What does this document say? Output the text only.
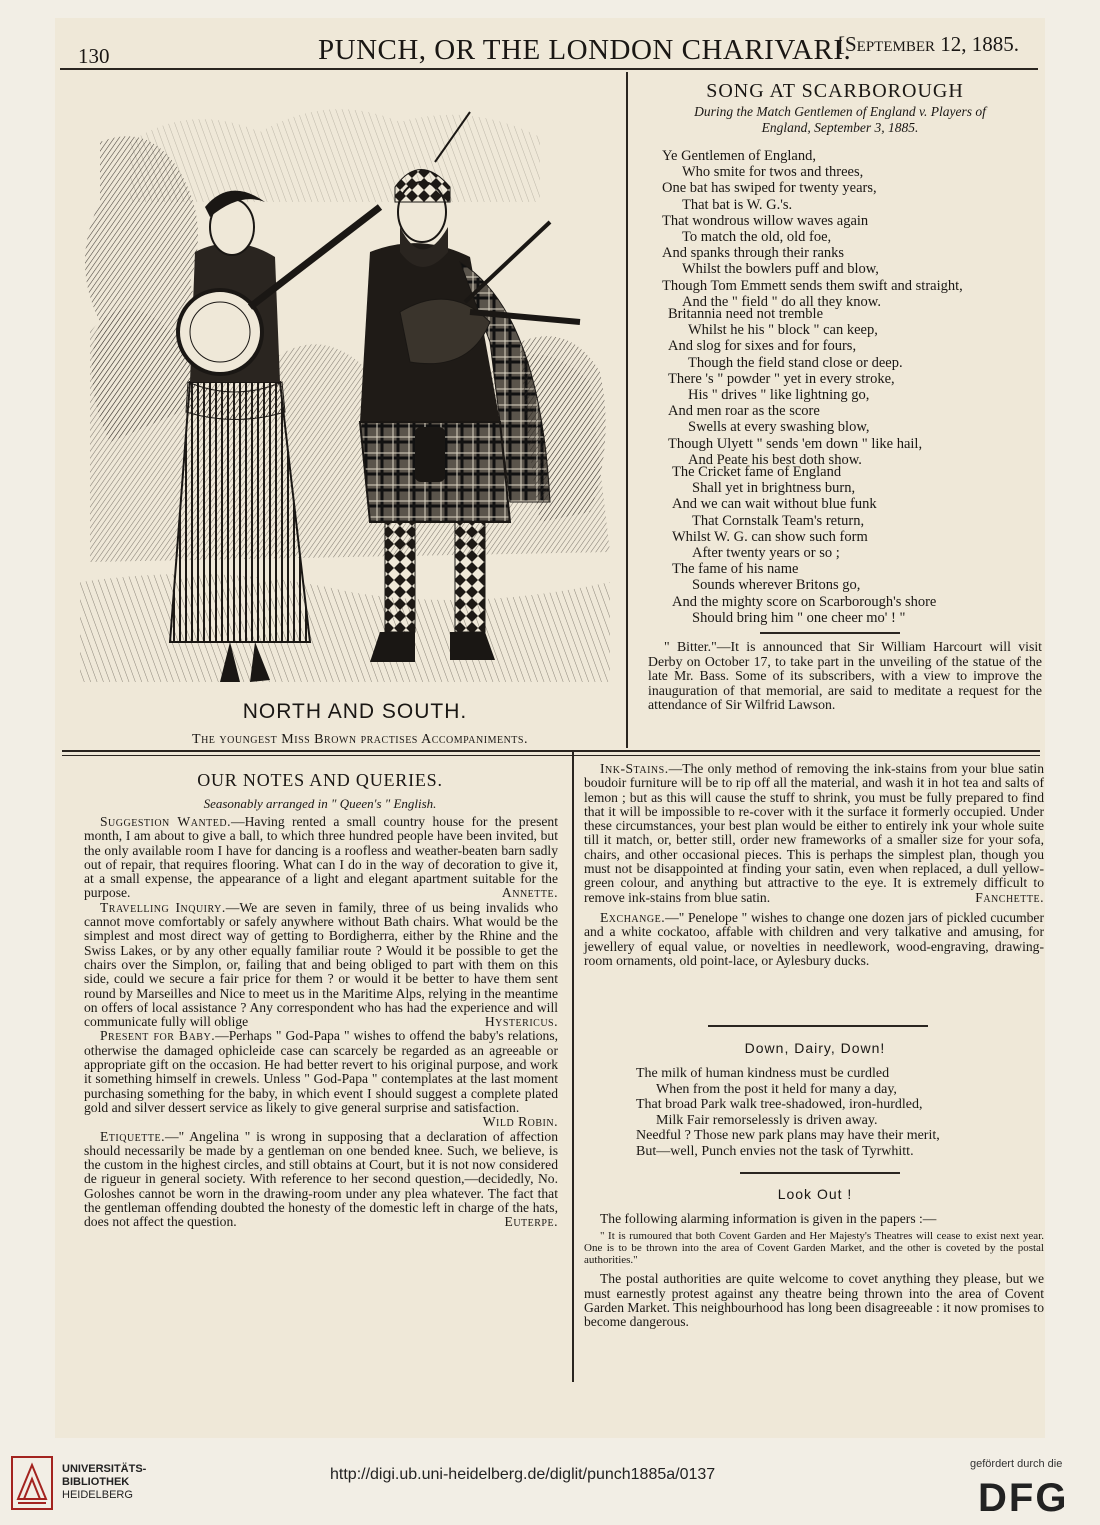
130	PUNCH, OR THE LONDON CHARIVARI.
[September 12, 1885.
NORTH AND SOUTH.
The youngest Miss Brown practises Accompaniments.
SONG AT SCARBOROUGH
During the Match Gentlemen of England v. Players of
England, September 3, 1885.
Ye Gentlemen of England,
Who smite for twos and threes,
One bat has swiped for twenty years,
That bat is W. G.'s.
That wondrous willow waves again
To match the old, old foe,
And spanks through their ranks
Whilst the bowlers puff and blow,
Though Tom Emmett sends them swift and straight,
And the " field " do all they know.
Britannia need not tremble
Whilst he his " block " can keep,
And slog for sixes and for fours,
Though the field stand close or deep.
There 's " powder " yet in every stroke,
His " drives " like lightning go,
And men roar as the score
Swells at every swashing blow,
Though Ulyett " sends 'em down " like hail,
And Peate his best doth show.
The Cricket fame of England
Shall yet in brightness burn,
And we can wait without blue funk
That Cornstalk Team's return,
Whilst W. G. can show such form
After twenty years or so ;
The fame of his name
Sounds wherever Britons go,
And the mighty score on Scarborough's shore
Should bring him " one cheer mo' ! "
" Bitter."—It is announced that Sir William Harcourt will visit Derby on October 17, to take part in the unveiling of the statue of the late Mr. Bass. Some of its subscribers, with a view to improve the inauguration of that memorial, are said to meditate a request for the attendance of Sir Wilfrid Lawson.
OUR NOTES AND QUERIES.
Seasonably arranged in " Queen's " English.

Suggestion Wanted.—Having rented a small country house for the present month, I am about to give a ball, to which three hundred people have been invited, but the only available room I have for dancing is a roofless and weather-beaten barn sadly out of repair, that requires flooring. What can I do in the way of decoration to give it, at a small expense, the appearance of a light and elegant apartment suitable for the purpose.	Annette.

Travelling Inquiry.—We are seven in family, three of us being invalids who cannot move comfortably or safely anywhere without Bath chairs. What would be the simplest and most direct way of getting to Bordigherra, either by the Rhine and the Swiss Lakes, or by any other equally familiar route ? Would it be possible to get the chairs over the Simplon, or, failing that and being obliged to part with them on this side, could we secure a fair price for them ? or would it be better to have them sent round by Marseilles and Nice to meet us in the Maritime Alps, relying in the meantime on offers of local assistance ? Any correspondent who has had the experience and will communicate fully will oblige	Hystericus.

Present for Baby.—Perhaps " God-Papa " wishes to offend the baby's relations, otherwise the damaged ophicleide case can scarcely be regarded as an agreeable or appropriate gift on the occasion. He had better revert to his original purpose, and work it something himself in crewels. Unless " God-Papa " contemplates at the last moment purchasing something for the baby, in which event I should suggest a complete plated gold and silver dessert service as likely to give general surprise and satisfaction.
Wild Robin.

Etiquette.—" Angelina " is wrong in supposing that a declaration of affection should necessarily be made by a gentleman on one bended knee. Such, we believe, is the custom in the highest circles, and still obtains at Court, but it is not now considered de rigueur in general society. With reference to her second question,—decidedly, No. Goloshes cannot be worn in the drawing-room under any plea whatever. The fact that the gentleman offending doubted the honesty of the domestic left in charge of the hats, does not affect the question.	Euterpe.

Ink-Stains.—The only method of removing the ink-stains from your blue satin boudoir furniture will be to rip off all the material, and wash it in hot tea and salts of lemon ; but as this will cause the stuff to shrink, you must be fully prepared to find that it will be impossible to re-cover with it the surface it formerly occupied. Under these circumstances, your best plan would be either to entirely ink your whole suite till it match, or, better still, order new frameworks of a smaller size for your sofa, chairs, and other occasional pieces. This is perhaps the simplest plan, though you must not be disappointed at finding your satin, even when replaced, a dull yellow-green colour, and anything but attractive to the eye. It is extremely difficult to remove ink-stains from blue satin.	Fanchette.

Exchange.—" Penelope " wishes to change one dozen jars of pickled cucumber and a white cockatoo, affable with children and very talkative and amusing, for jewellery of equal value, or novelties in needlework, wood-engraving, drawing-room ornaments, old point-lace, or Aylesbury ducks.

Down, Dairy, Down!
The milk of human kindness must be curdled
When from the post it held for many a day,
That broad Park walk tree-shadowed, iron-hurdled,
Milk Fair remorselessly is driven away.
Needful ? Those new park plans may have their merit,
But—well, Punch envies not the task of Tyrwhitt.
Look Out !

The following alarming information is given in the papers :—

" It is rumoured that both Covent Garden and Her Majesty's Theatres will cease to exist next year. One is to be thrown into the area of Covent Garden Market, and the other is coveted by the postal authorities."

The postal authorities are quite welcome to covet anything they please, but we must earnestly protest against any theatre being thrown into the area of Covent Garden Market. This neighbourhood has long been disagreeable : it now promises to become dangerous.

UNIVERSITÄTS-
BIBLIOTHEK
HEIDELBERG
http://digi.ub.uni-heidelberg.de/diglit/punch1885a/0137
gefördert durch die
DFG
